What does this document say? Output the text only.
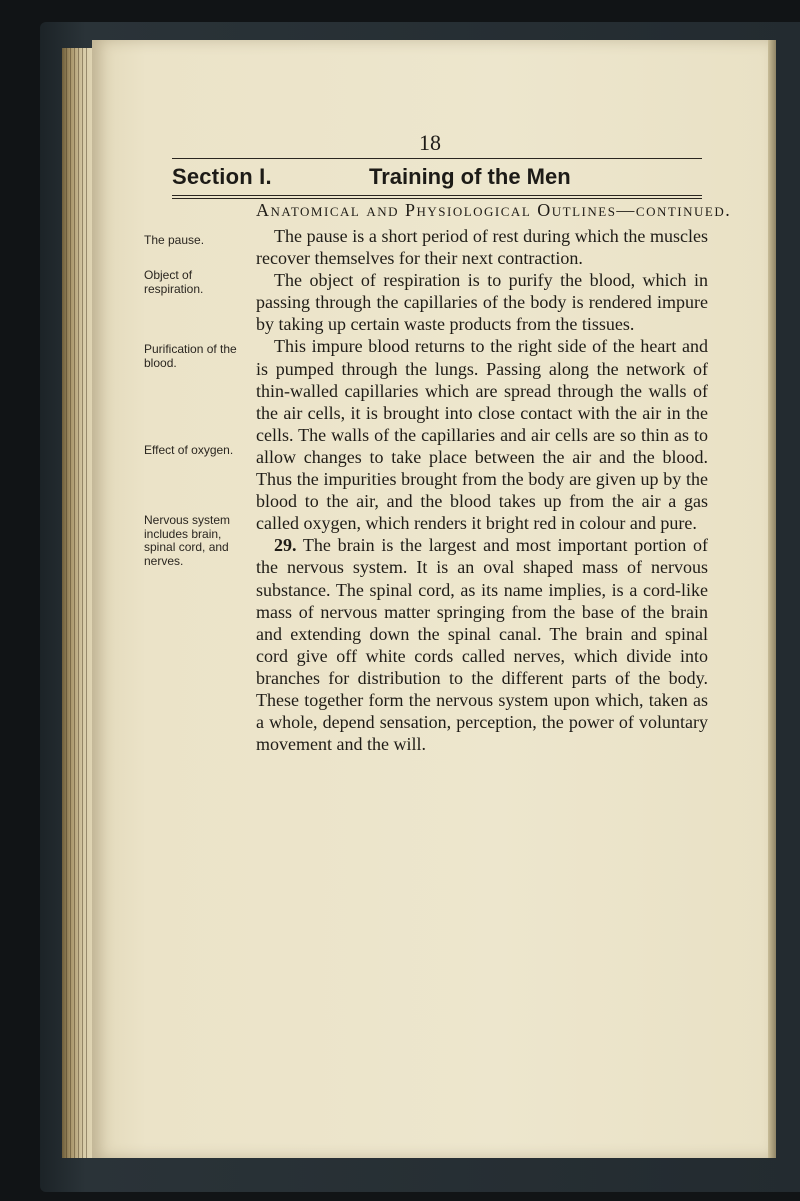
18
Section I.	Training of the Men
Anatomical and Physiological Outlines—continued.
The pause.
Object of respiration.
Purification of the blood.
Effect of oxygen.
Nervous system includes brain, spinal cord, and nerves.

The pause is a short period of rest during which the muscles recover themselves for their next contraction.

The object of respiration is to purify the blood, which in passing through the capillaries of the body is rendered impure by taking up certain waste products from the tissues.

This impure blood returns to the right side of the heart and is pumped through the lungs. Passing along the network of thin-walled capillaries which are spread through the walls of the air cells, it is brought into close contact with the air in the cells. The walls of the capillaries and air cells are so thin as to allow changes to take place between the air and the blood. Thus the impurities brought from the body are given up by the blood to the air, and the blood takes up from the air a gas called oxygen, which renders it bright red in colour and pure.

29. The brain is the largest and most important portion of the nervous system. It is an oval shaped mass of nervous substance. The spinal cord, as its name implies, is a cord-like mass of nervous matter springing from the base of the brain and extending down the spinal canal. The brain and spinal cord give off white cords called nerves, which divide into branches for distribution to the different parts of the body. These together form the nervous system upon which, taken as a whole, depend sensation, perception, the power of voluntary movement and the will.
